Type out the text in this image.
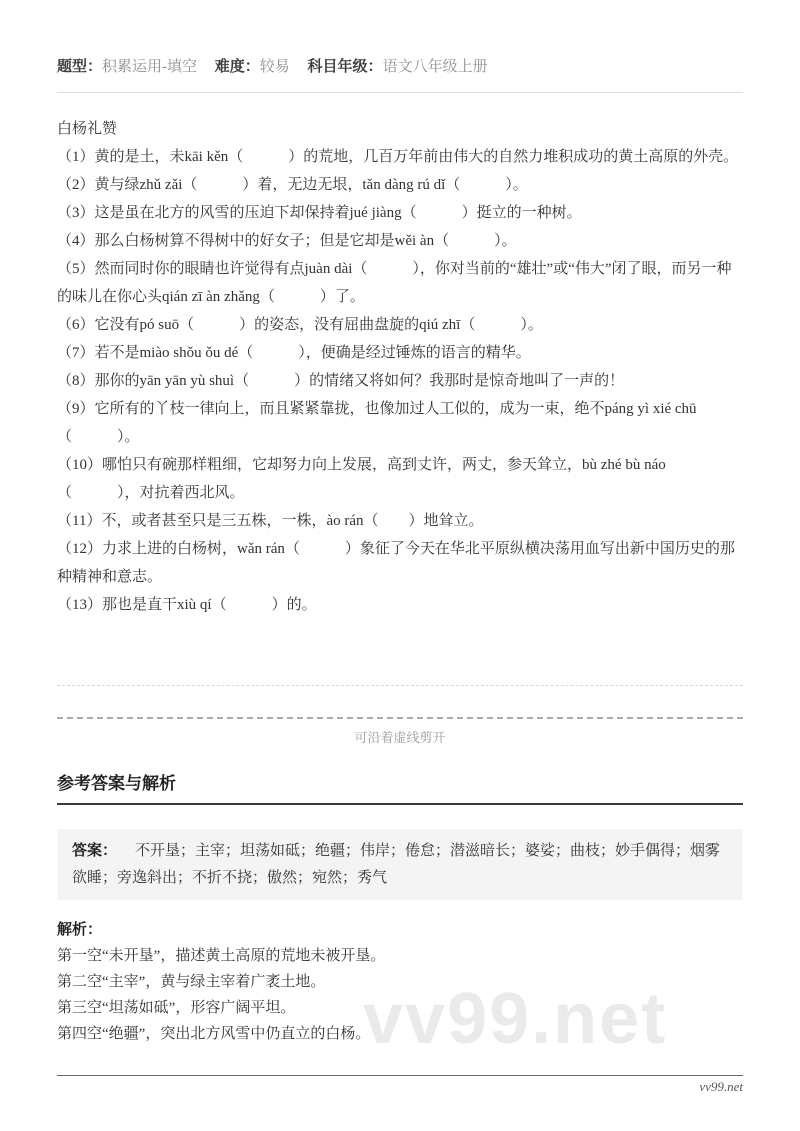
vv99.net
题型：积累运用-填空 难度：较易 科目年级：语文八年级上册

白杨礼赞

（1）黄的是土，未kāi kěn（　　　）的荒地，几百万年前由伟大的自然力堆积成功的黄土高原的外壳。

（2）黄与绿zhǔ zǎi（　　　）着，无边无垠，tǎn dàng rú dǐ（　　　）。

（3）这是虽在北方的风雪的压迫下却保持着jué jiàng（　　　）挺立的一种树。

（4）那么白杨树算不得树中的好女子；但是它却是wěi àn（　　　）。

（5）然而同时你的眼睛也许觉得有点juàn dài（　　　），你对当前的“雄壮”或“伟大”闭了眼，而另一种的味儿在你心头qián zī àn zhǎng（　　　）了。

（6）它没有pó suō（　　　）的姿态，没有屈曲盘旋的qiú zhī（　　　）。

（7）若不是miào shǒu ǒu dé（　　　），便确是经过锤炼的语言的精华。

（8）那你的yān yān yù shuì（　　　）的情绪又将如何？我那时是惊奇地叫了一声的！

（9）它所有的丫枝一律向上，而且紧紧靠拢，也像加过人工似的，成为一束，绝不páng yì xié chū（　　　）。

（10）哪怕只有碗那样粗细，它却努力向上发展，高到丈许，两丈，参天耸立，bù zhé bù náo（　　　），对抗着西北风。

（11）不，或者甚至只是三五株，一株，ào rán（　　）地耸立。

（12）力求上进的白杨树，wǎn rán（　　　）象征了今天在华北平原纵横决荡用血写出新中国历史的那种精神和意志。

（13）那也是直干xiù qí（　　　）的。

可沿着虚线剪开
参考答案与解析
答案： 不开垦；主宰；坦荡如砥；绝疆；伟岸；倦怠；潜滋暗长；婆娑；曲枝；妙手偶得；烟雾欲睡；旁逸斜出；不折不挠；傲然；宛然；秀气

解析：

第一空“未开垦”，描述黄土高原的荒地未被开垦。

第二空“主宰”，黄与绿主宰着广袤土地。

第三空“坦荡如砥”，形容广阔平坦。

第四空“绝疆”，突出北方风雪中仍直立的白杨。

vv99.net
